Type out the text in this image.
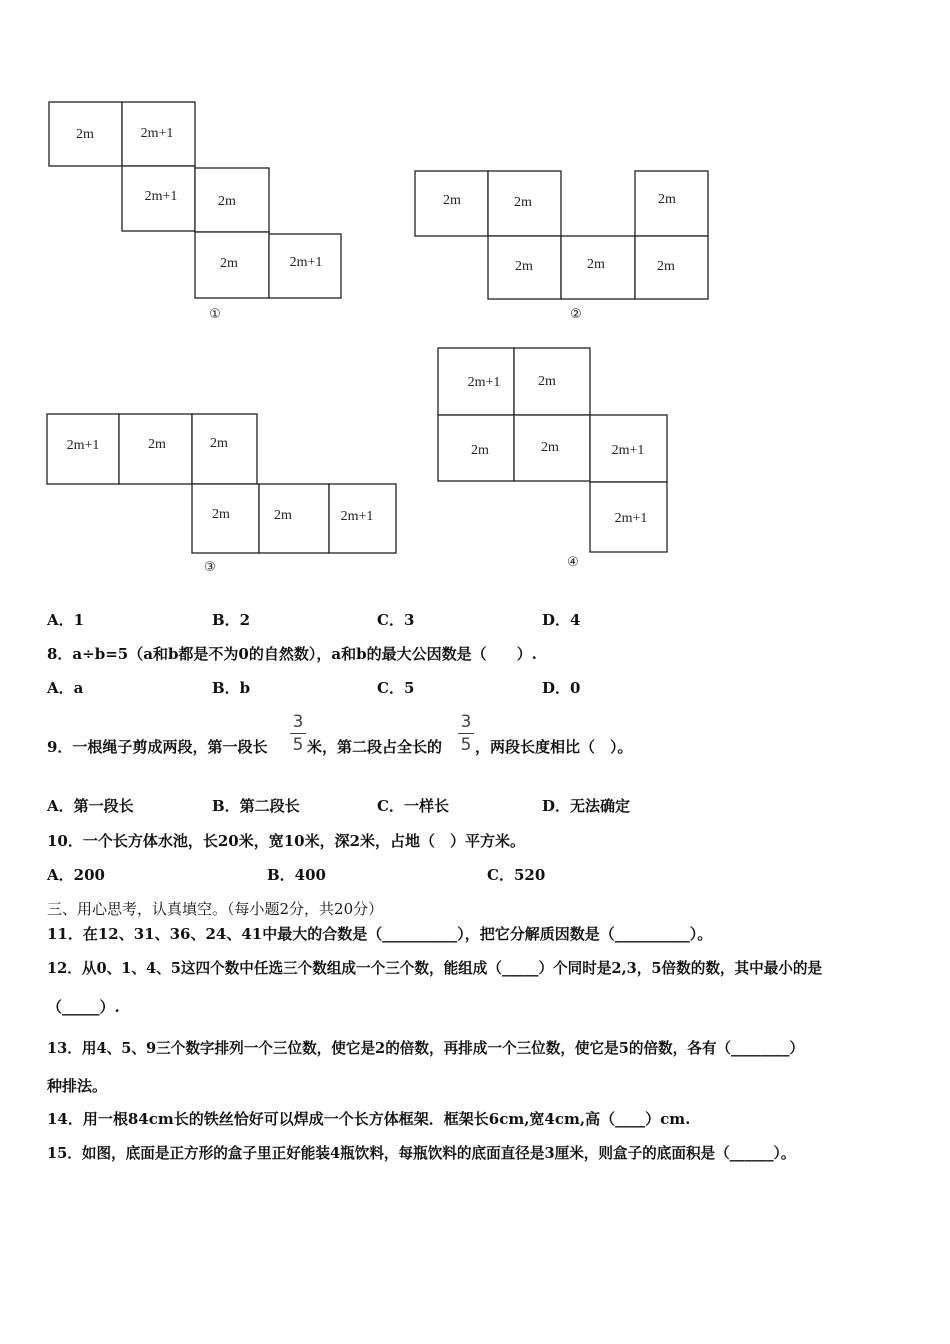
2m	2m+1
2m+1	2m
2m	2m+1
①
2m	2m
2m	2m
2m
2m
②
2m+1	2m	2m
2m	2m	2m+1
③
2m+1	2m
2m	2m	2m+1
2m+1
④
A．1	B．2	C．3	D．4
8．a÷b=5（a和b都是不为0的自然数），a和b的最大公因数是（　　）.
A．a	B．b	C．5	D．0
9．一根绳子剪成两段，第一段长
3
5 米，第二段占全长的
3
5 ，两段长度相比（　）。
A．第一段长	B．第二段长	C．一样长	D．无法确定
10．一个长方体水池，长20米，宽10米，深2米，占地（　）平方米。
A．200	B．400	C．520
三、用心思考，认真填空。（每小题2分，共20分）
11．在12、31、36、24、41中最大的合数是（__________），把它分解质因数是（__________）。
12．从0、1、4、5这四个数中任选三个数组成一个三个数，能组成（_____）个同时是2,3，5倍数的数，其中最小的是
（_____）.
13．用4、5、9三个数字排列一个三位数，使它是2的倍数，再排成一个三位数，使它是5的倍数，各有（________）
种排法。
14．用一根84cm长的铁丝恰好可以焊成一个长方体框架．框架长6cm,宽4cm,高（____）cm.
15．如图，底面是正方形的盒子里正好能装4瓶饮料，每瓶饮料的底面直径是3厘米，则盒子的底面积是（______）。
